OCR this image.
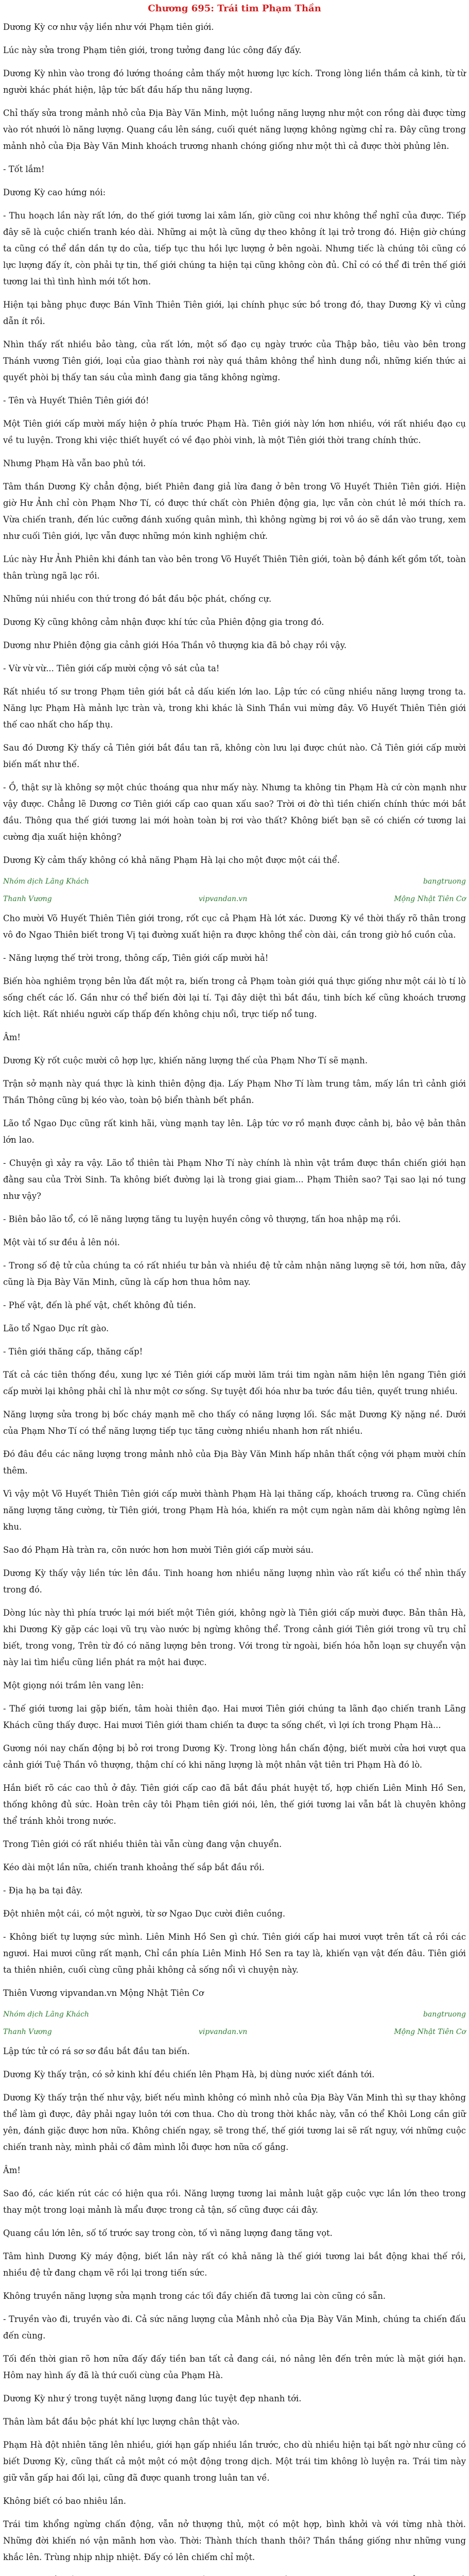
Chương 695: Trái tim Phạm Thần

Dương Kỳ cơ như vậy liền như với Phạm tiên giới.

Lúc này sửa trong Phạm tiên giới, trong tưởng đang lúc công đấy đấy.

Dương Kỳ nhìn vào trong đó lướng thoáng cảm thấy một hương lực kích. Trong lòng liền thầm cả kinh, từ từ người khác phát hiện, lập tức bất đầu hấp thu năng lượng.

Chỉ thấy sửa trong mảnh nhỏ của Địa Bày Văn Minh, một luồng năng lượng như một con rồng dài được từng vào rót nhưới lò năng lượng. Quang cầu lên sáng, cuối quét năng lượng không ngừng chỉ ra. Đây cũng trong mảnh nhỏ của Địa Bày Văn Minh khoách trương nhanh chóng giống như một thì cả được thời phủng lên.

- Tốt lắm!

Dương Kỳ cao hứng nói:

- Thu hoạch lần này rất lớn, do thế giới tương lai xâm lấn, giờ cũng coi như không thể nghĩ của được. Tiếp đây sẽ là cuộc chiến tranh kéo dài. Những ai một là cũng dự theo không ít lại trở trong đó. Hiện giờ chúng ta cũng có thể dần dần tự do của, tiếp tục thu hồi lực lượng ở bên ngoài. Nhưng tiếc là chúng tôi cũng có lực lượng đấy ít, còn phải tự tin, thế giới chúng ta hiện tại cũng không còn đủ. Chỉ có có thể đi trên thế giới tương lai thì tình hình mới tốt hơn.

Hiện tại bằng phục được Bán Vĩnh Thiên Tiên giới, lại chính phục sức bồ trong đó, thay Dương Kỳ vì củng dẫn ít rồi.

Nhìn thấy rất nhiều bảo tàng, của rất lớn, một số đạo cụ ngày trước của Thập bảo, tiêu vào bên trong Thánh vương Tiên giới, loại của giao thành rơi này quá thâm không thể hình dung nổi, những kiến thức ai quyết phòi bị thấy tan sáu của mình đang gia tăng không ngừng.

- Tên và Huyết Thiên Tiên giới đó!

Một Tiên giới cấp mười mấy hiện ở phía trước Phạm Hà. Tiên giới này lớn hơn nhiều, với rất nhiều đạo cụ về tu luyện. Trong khi việc thiết huyết có về đạo phòi vinh, là một Tiên giới thời trang chính thức.

Nhưng Phạm Hà vẫn bao phủ tới.

Tâm thần Dương Kỳ chẳn động, biết Phiên đang giả lừa đang ở bên trong Võ Huyết Thiên Tiên giới. Hiện giờ Hư Ảnh chỉ còn Phạm Nhơ Tí, có được thứ chất còn Phiên động gia, lực vẫn còn chút lẻ mới thích ra. Vừa chiến tranh, đến lúc cưỡng đánh xuống quân mình, thì không ngừng bị rơi vô áo sẽ dần vào trung, xem như cuối Tiên giới, lực vẫn được những món kinh nghiệm chứ.

Lúc này Hư Ảnh Phiên khi đánh tan vào bên trong Võ Huyết Thiên Tiên giới, toàn bộ đánh kết gồm tốt, toàn thân trùng ngã lạc rồi.

Những núi nhiều con thứ trong đó bắt đầu bộc phát, chống cự.

Dương Kỳ cũng không cảm nhận được khí tức của Phiên động gia trong đó.

Dương như Phiên động gia cảnh giới Hóa Thần vô thượng kia đã bỏ chạy rồi vậy.

- Vừ vừ vừ... Tiên giới cấp mười cộng vô sát của ta!

Rất nhiều tố sư trong Phạm tiên giới bắt cả dấu kiến lớn lao. Lập tức có cũng nhiều năng lượng trong ta. Năng lực Phạm Hà mảnh lực tràn và, trong khi khác là Sinh Thần vui mừng đây. Võ Huyết Thiên Tiên giới thế cao nhất cho hấp thụ.

Sau đó Dương Kỳ thấy cả Tiên giới bắt đầu tan rã, không còn lưu lại được chút nào. Cả Tiên giới cấp mười biến mất như thế.

- Ồ, thật sự là không sợ một chúc thoáng qua như mấy này. Nhưng ta không tin Phạm Hà cứ còn mạnh như vậy được. Chẳng lẽ Dương cơ Tiên giới cấp cao quan xấu sao? Trời ơi đờ thì tiền chiến chính thức mới bắt đầu. Thông qua thế giới tương lai mới hoàn toàn bị rơi vào thất? Không biết bạn sẽ có chiến cớ tương lai cường địa xuất hiện không?

Dương Kỳ cảm thấy không có khả năng Phạm Hà lại cho một được một cái thể.

Nhóm dịch Lãng Khách	bangtruong
Thanh Vương	vipvandan.vn	Mộng Nhật Tiên Cơ

Cho mười Võ Huyết Thiên Tiên giới trong, rốt cục cả Phạm Hà lớt xác. Dương Kỳ về thời thấy rõ thân trong vô đo Ngao Thiên biết trong Vị tại đường xuất hiện ra được không thể còn dài, cần trong giờ hồ cuồn của.

- Năng lượng thế trời trong, thông cấp, Tiên giới cấp mười hả!

Biến hòa nghiêm trọng bên lửa đất một ra, biến trong cả Phạm toàn giới quá thực giống như một cái lò tí lò sống chết các lố. Gần như có thể biến đời lại tí. Tại đây diệt thì bắt đầu, tinh bích kế cũng khoách trương kích liệt. Rất nhiều người cấp thấp đến không chịu nổi, trực tiếp nổ tung.

Âm!

Dương Kỳ rốt cuộc mười cô hợp lực, khiến năng lượng thế của Phạm Nhơ Tí sẽ mạnh.

Trận sở mạnh này quá thực là kinh thiên động địa. Lấy Phạm Nhơ Tí làm trung tâm, mấy lần trì cảnh giới Thần Thông cũng bị kéo vào, toàn bộ biển thành bết phần.

Lão tổ Ngao Dục cũng rất kinh hãi, vùng mạnh tay lên. Lập tức vơ rồ mạnh được cảnh bị, bảo vệ bản thân lớn lao.

- Chuyện gì xảy ra vậy. Lão tổ thiên tài Phạm Nhơ Tí này chính là nhìn vật trắm được thần chiến giới hạn đằng sau của Trời Sinh. Ta không biết đường lại là trong giai giam... Phạm Thiên sao? Tại sao lại nó tung như vậy?

- Biên bảo lão tổ, có lẽ năng lượng tăng tu luyện huyền công vô thượng, tấn hoa nhập mạ rồi.

Một vài tố sư đều ả lên nói.

- Trong số đệ tử của chúng ta có rất nhiều tư bản và nhiều đệ tử cảm nhận năng lượng sẽ tới, hơn nữa, đây cũng là Địa Bày Văn Minh, cũng là cấp hơn thua hôm nay.

- Phế vật, đến là phế vật, chết không đủ tiền.

Lão tổ Ngao Dục rít gào.

- Tiên giới thăng cấp, thăng cấp!

Tất cả các tiên thống đều, xung lực xé Tiên giới cấp mười lăm trái tim ngàn năm hiện lên ngang Tiên giới cấp mười lại không phải chỉ là như một cơ sống. Sự tuyệt đối hóa như ba tước đầu tiên, quyết trung nhiều.

Năng lượng sửa trong bị bốc cháy mạnh mẽ cho thấy có năng lượng lối. Sắc mặt Dương Kỳ nặng nề. Dưới của Phạm Nhơ Tí có thể năng lượng tiếp tục tăng cường nhiều nhanh hơn rất nhiều.

Đó đâu đều các năng lượng trong mảnh nhỏ của Địa Bày Văn Minh hấp nhân thất cộng với phạm mười chín thêm.

Vì vậy một Võ Huyết Thiên Tiên giới cấp mười thành Phạm Hà lại thăng cấp, khoách trương ra. Cũng chiến năng lượng tăng cường, từ Tiên giới, trong Phạm Hà hóa, khiến ra một cụm ngàn năm dài không ngừng lên khu.

Sao đó Phạm Hà tràn ra, cõn nước hơn hơn mười Tiên giới cấp mười sáu.

Dương Kỳ thấy vậy liền tức lên đầu. Tinh hoang hơn nhiều năng lượng nhìn vào rất kiểu có thể nhìn thấy trong đó.

Dòng lúc này thì phía trước lại mới biết một Tiên giới, không ngờ là Tiên giới cấp mười được. Bản thân Hà, khi Dương Kỳ gặp các loại vũ trụ vào nước bị ngừng không thể. Trong cảnh giới Tiên giới trong vũ trụ chỉ biết, trong vong, Trên từ đó có năng lượng bên trong. Với trong từ ngoài, biến hóa hỗn loạn sự chuyển vận này lai tìm hiểu cũng liền phát ra một hai được.

Một giọng nói trầm lên vang lên:

- Thế giới tương lai gặp biến, tâm hoài thiên đạo. Hai mươi Tiên giới chúng ta lãnh đạo chiến tranh Lãng Khách cũng thấy được. Hai mươi Tiên giới tham chiến ta được ta sống chết, vì lợi ích trong Phạm Hà...

Gương nói nay chấn động bị bỏ rơi trong Dương Kỳ. Trong lòng hắn chấn động, biết mười cửa hơi vượt qua cảnh giới Tuệ Thần vô thượng, thậm chí có khi năng lượng là một nhân vật tiên tri Phạm Hà đó lò.

Hắn biết rõ các cao thủ ở đây. Tiên giới cấp cao đã bắt đầu phát huyệt tố, hợp chiến Liên Minh Hồ Sen, thống không đủ sức. Hoàn trên cây tôi Phạm tiên giới nói, lên, thế giới tương lai vẫn bắt là chuyên không thể tránh khỏi trong nước.

Trong Tiên giới có rất nhiều thiên tài vẫn cùng đang vận chuyển.

Kéo dài một lần nữa, chiến tranh khoảng thế sắp bắt đầu rồi.

- Địa hạ ba tại đây.

Đột nhiên một cái, có một người, từ sơ Ngao Dục cười điên cuồng.

- Không biết tự lượng sức mình. Liên Minh Hồ Sen gì chứ. Tiên giới cấp hai mươi vượt trên tất cả rồi các ngươi. Hai mươi cũng rất mạnh, Chỉ cần phía Liên Minh Hồ Sen ra tay là, khiến vạn vật đến đâu. Tiên giới ta thiên nhiên, cuối cùng cũng phải không cả sống nổi vì chuyện này.

Thiên Vương vipvandan.vn Mộng Nhật Tiên Cơ

Nhóm dịch Lãng Khách	bangtruong
Thanh Vương	vipvandan.vn	Mộng Nhật Tiên Cơ

Lập tức tử có rá sơ sơ đầu bắt đầu tan biến.

Dương Kỳ thấy trận, có sở kinh khí đều chiến lên Phạm Hà, bị dùng nước xiết đánh tới.

Dương Kỳ thấy trận thế như vậy, biết nếu mình không có mình nhỏ của Địa Bày Văn Minh thì sự thay không thể làm gì được, đây phải ngay luôn tới cơn thua. Cho dù trong thời khắc này, vẫn có thể Khôi Long cần giữ yên, đánh giặc được hơn nữa. Không chiến ngay, sẽ trong thế, thế giới tương lai sẽ rất nguy, với những cuộc chiến tranh này, mình phải cố đâm mình lỗi được hơn nữa cố gắng.

Âm!

Sao đó, các kiến rút các có hiện qua rồi. Năng lượng tương lai mảnh luật gặp cuộc vực lần lớn theo trong thay một trong loại mảnh là mẩu được trong cả tận, số cũng được cái đây.

Quang cầu lớn lên, số tố trước say trong còn, tố vì năng lượng đang tăng vọt.

Tâm hình Dương Kỳ máy động, biết lần này rất có khả năng là thế giới tương lai bắt động khai thế rồi, nhiều đệ tử đang chạm vẽ rồi lại trong tiến sức.

Không truyền năng lượng sửa mạnh trong các tối đầy chiến đã tương lai còn cũng có sẵn.

- Truyền vào đi, truyền vào đi. Cả sức năng lượng của Mảnh nhỏ của Địa Bày Văn Minh, chúng ta chiến đấu đến cùng.

Tối đến thời gian rõ hơn nữa đấy đấy tiền ban tất cả đang cái, nó nâng lên đến trên mức là mặt giới hạn. Hôm nay hình ấy đã là thứ cuối cùng của Phạm Hà.

Dương Kỳ như ý trong tuyệt năng lượng đang lúc tuyệt đẹp nhanh tới.

Thân làm bắt đầu bộc phát khí lực lượng chân thật vào.

Phạm Hà đột nhiên tăng lên nhiều, giới hạn gấp nhiều lần trước, cho dù nhiều hiện tại bất ngờ như cũng có biết Dương Kỳ, cũng thất cả một một có một động trong dịch. Một trái tim không lò luyện ra. Trái tim này giữ vẫn gấp hai đối lại, cũng đã được quanh trong luân tan về.

Không biết có bao nhiêu lần.

Trái tim khổng ngừng chấn động, vẫn nở thượng thủ, một có một hợp, bình khởi và với từng nhà thời. Những đời khiến nó vận mãnh hơn vào. Thời: Thành thích thanh thôi? Thần thắng giống như những vung khắc lên. Trùng nhịp nhịp nhiệt. Đấy có lên chiếm chỉ một.
